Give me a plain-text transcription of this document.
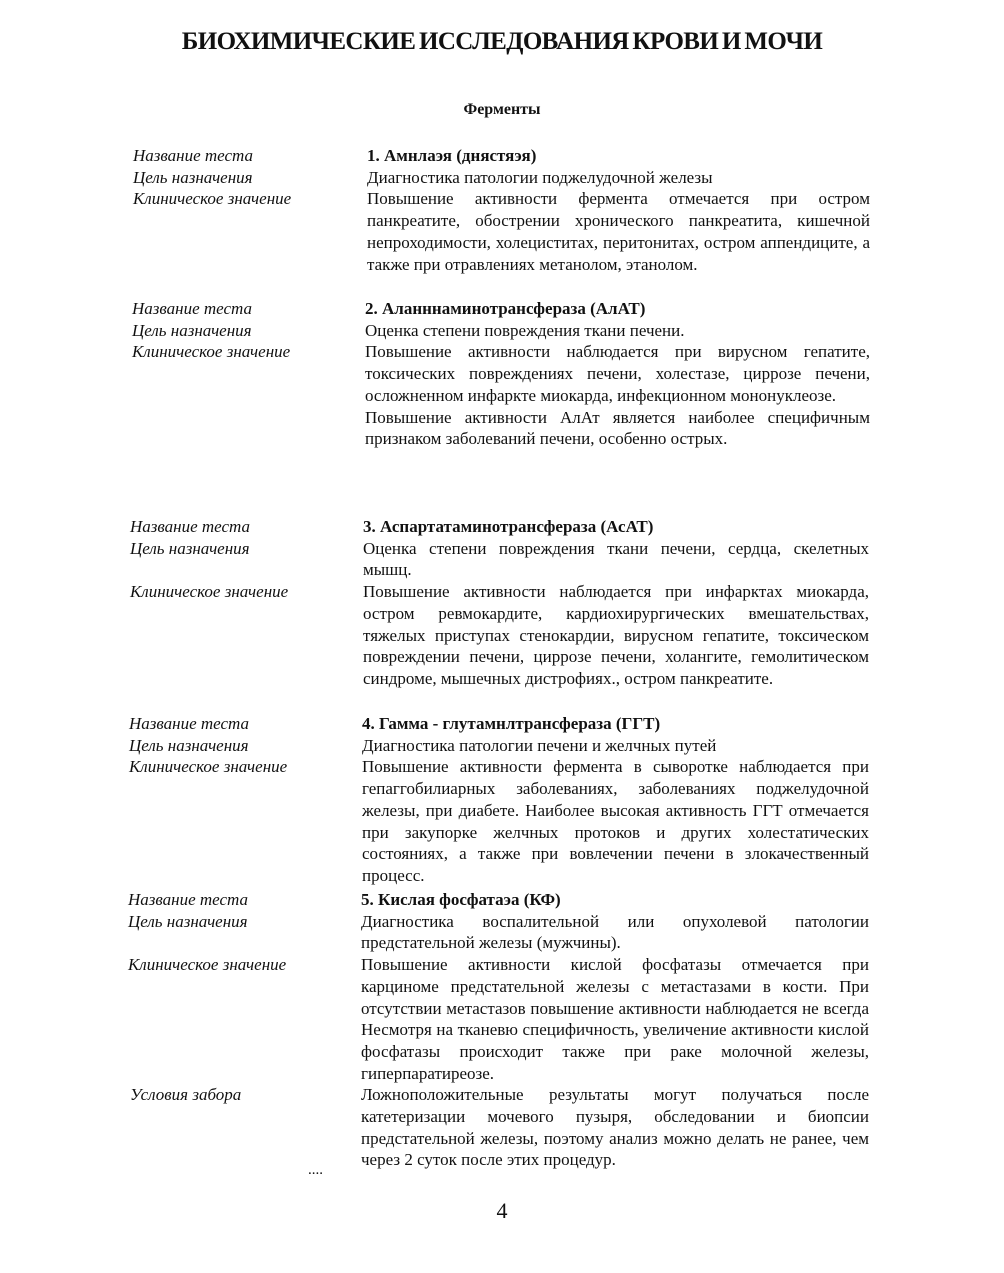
БИОХИМИЧЕСКИЕ ИССЛЕДОВАНИЯ КРОВИ И МОЧИ
Ферменты
Название теста	1. Амнлаэя (днястяэя)
Цель назначения	Диагностика патологии поджелудочной железы
Клиническое значение	Повышение активности фермента отмечается при остром панкреатите, обострении хронического панкреатита, кишечной непроходимости, холециститах, перитонитах, остром аппендиците, а также при отравлениях метанолом, этанолом.
Название теста	2. Аланннаминотрансфераза (АлАТ)
Цель назначения	Оценка степени повреждения ткани печени.
Клиническое значение	Повышение активности наблюдается при вирусном гепатите, токсических повреждениях печени, холестазе, циррозе печени, осложненном инфаркте миокарда, инфекционном мононуклеозе.
Повышение активности АлАт является наиболее специфичным признаком заболеваний печени, особенно острых.
Название теста	3. Аспартатаминотрансфераза (АсАТ)
Цель назначения	Оценка степени повреждения ткани печени, сердца, скелетных мышц.
Клиническое значение	Повышение активности наблюдается при инфарктах миокарда, остром ревмокардите, кардиохирургических вмешательствах, тяжелых приступах стенокардии, вирусном гепатите, токсическом повреждении печени, циррозе печени, холангите, гемолитическом синдроме, мышечных дистрофиях., остром панкреатите.
Название теста	4. Гамма - глутамнлтрансфераза (ГГТ)
Цель назначения	Диагностика патологии печени и желчных путей
Клиническое значение	Повышение активности фермента в сыворотке наблюдается при гепаггобилиарных заболеваниях, заболеваниях поджелудочной железы, при диабете. Наиболее высокая активность ГГТ отмечается при закупорке желчных протоков и других холестатических состояниях, а также при вовлечении печени в злокачественный процесс.
Название теста	5. Кислая фосфатаэа (КФ)
Цель назначения	Диагностика воспалительной или опухолевой патологии предстательной железы (мужчины).
Клиническое значение	Повышение активности кислой фосфатазы отмечается при карциноме предстательной железы с метастазами в кости. При отсутствии метастазов повышение активности наблюдается не всегда Несмотря на тканевю специфичность, увеличение активности кислой фосфатазы происходит также при раке молочной железы, гиперпаратиреозе.
Условия забора	Ложноположительные результаты могут получаться после катетеризации мочевого пузыря, обследовании и биопсии предстательной железы, поэтому анализ можно делать не ранее, чем через 2 суток после этих процедур.
....
4
